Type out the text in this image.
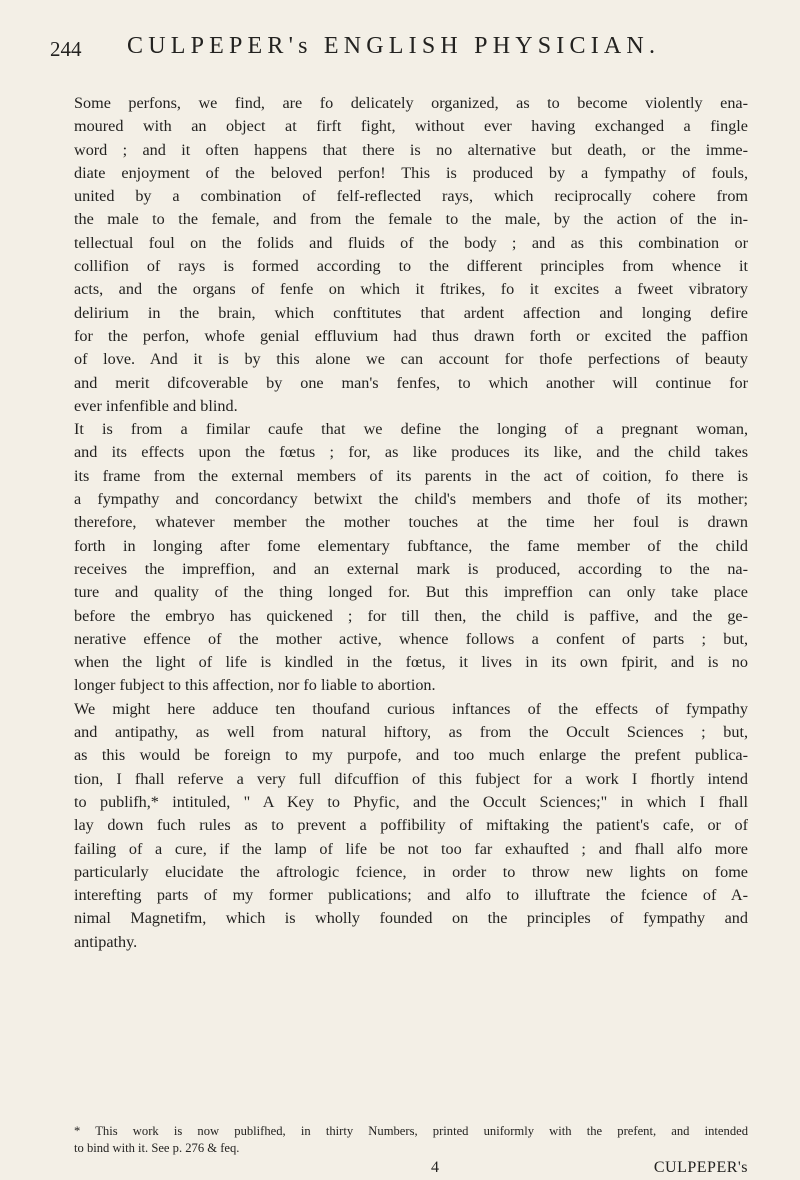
244 CULPEPER's ENGLISH PHYSICIAN.

Some perfons, we find, are fo delicately organized, as to become violently ena-
moured with an object at firft fight, without ever having exchanged a fingle
word ; and it often happens that there is no alternative but death, or the imme-
diate enjoyment of the beloved perfon! This is produced by a fympathy of fouls,
united by a combination of felf-reflected rays, which reciprocally cohere from
the male to the female, and from the female to the male, by the action of the in-
tellectual foul on the folids and fluids of the body ; and as this combination or
collifion of rays is formed according to the different principles from whence it
acts, and the organs of fenfe on which it ftrikes, fo it excites a fweet vibratory
delirium in the brain, which conftitutes that ardent affection and longing defire
for the perfon, whofe genial effluvium had thus drawn forth or excited the paffion
of love. And it is by this alone we can account for thofe perfections of beauty
and merit difcoverable by one man's fenfes, to which another will continue for
ever infenfible and blind.

It is from a fimilar caufe that we define the longing of a pregnant woman,
and its effects upon the fœtus ; for, as like produces its like, and the child takes
its frame from the external members of its parents in the act of coition, fo there is
a fympathy and concordancy betwixt the child's members and thofe of its mother;
therefore, whatever member the mother touches at the time her foul is drawn
forth in longing after fome elementary fubftance, the fame member of the child
receives the impreffion, and an external mark is produced, according to the na-
ture and quality of the thing longed for. But this impreffion can only take place
before the embryo has quickened ; for till then, the child is paffive, and the ge-
nerative effence of the mother active, whence follows a confent of parts ; but,
when the light of life is kindled in the fœtus, it lives in its own fpirit, and is no
longer fubject to this affection, nor fo liable to abortion.

We might here adduce ten thoufand curious inftances of the effects of fympathy
and antipathy, as well from natural hiftory, as from the Occult Sciences ; but,
as this would be foreign to my purpofe, and too much enlarge the prefent publica-
tion, I fhall referve a very full difcuffion of this fubject for a work I fhortly intend
to publifh,* intituled, " A Key to Phyfic, and the Occult Sciences;" in which I fhall
lay down fuch rules as to prevent a poffibility of miftaking the patient's cafe, or of
failing of a cure, if the lamp of life be not too far exhaufted ; and fhall alfo more
particularly elucidate the aftrologic fcience, in order to throw new lights on fome
interefting parts of my former publications; and alfo to illuftrate the fcience of A-
nimal Magnetifm, which is wholly founded on the principles of fympathy and
antipathy.

* This work is now publifhed, in thirty Numbers, printed uniformly with the prefent, and intended
to bind with it. See p. 276 & feq.
4	CULPEPER's
